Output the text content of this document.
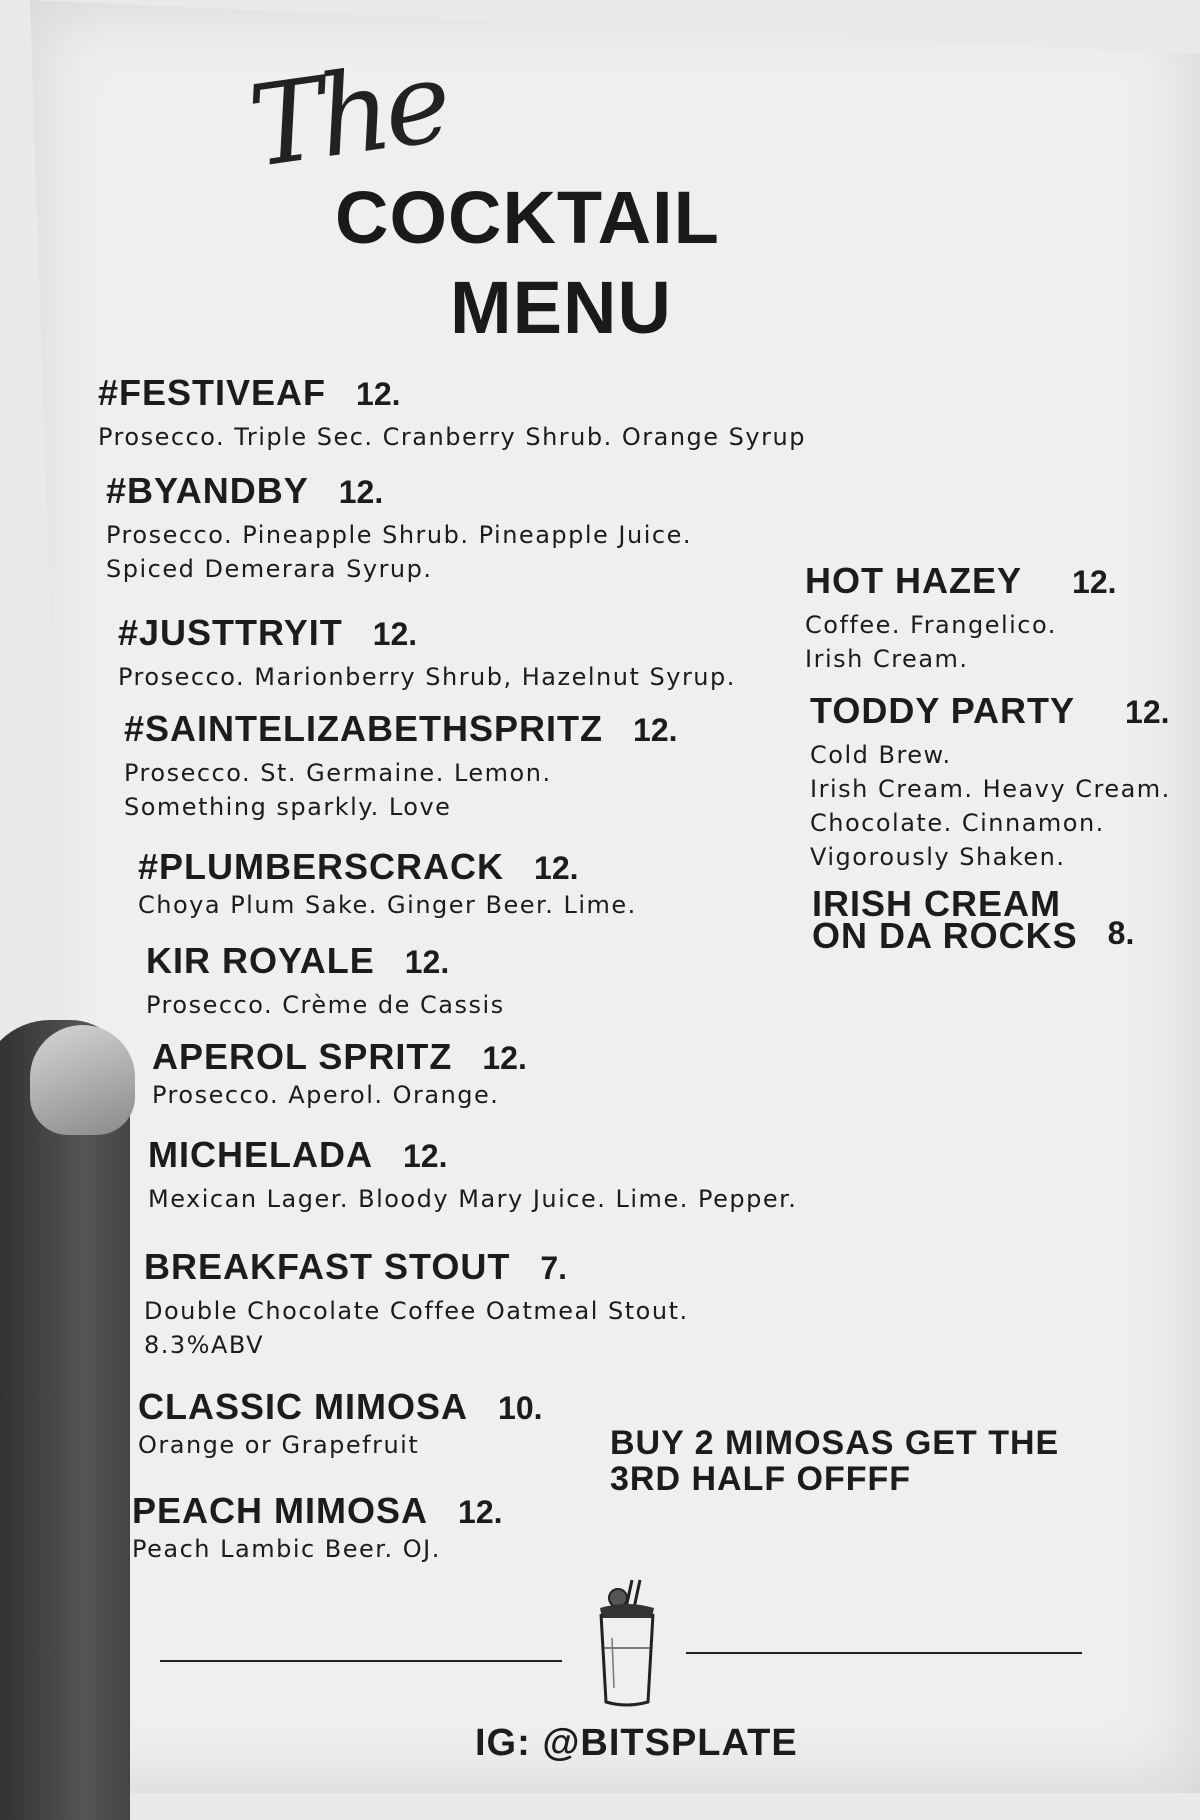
The
COCKTAIL
MENU
#FESTIVEAF 12.
Prosecco. Triple Sec. Cranberry Shrub. Orange Syrup
#BYANDBY 12.
Prosecco. Pineapple Shrub. Pineapple Juice.
Spiced Demerara Syrup.
#JUSTTRYIT 12.
Prosecco. Marionberry Shrub, Hazelnut Syrup.
#SAINTELIZABETHSPRITZ 12.
Prosecco. St. Germaine. Lemon.
Something sparkly. Love
#PLUMBERSCRACK 12.
Choya Plum Sake. Ginger Beer. Lime.
KIR ROYALE 12.
Prosecco. Crème de Cassis
APEROL SPRITZ 12.
Prosecco. Aperol. Orange.
MICHELADA 12.
Mexican Lager. Bloody Mary Juice. Lime. Pepper.
BREAKFAST STOUT 7.
Double Chocolate Coffee Oatmeal Stout.
8.3%ABV
CLASSIC MIMOSA 10.
Orange or Grapefruit
PEACH MIMOSA 12.
Peach Lambic Beer. OJ.
HOT HAZEY 12.
Coffee. Frangelico.
Irish Cream.
TODDY PARTY 12.
Cold Brew.
Irish Cream. Heavy Cream.
Chocolate. Cinnamon.
Vigorously Shaken.
IRISH CREAM
ON DA ROCKS 8.
BUY 2 MIMOSAS GET THE
3RD HALF OFFFF
IG: @BITSPLATE
